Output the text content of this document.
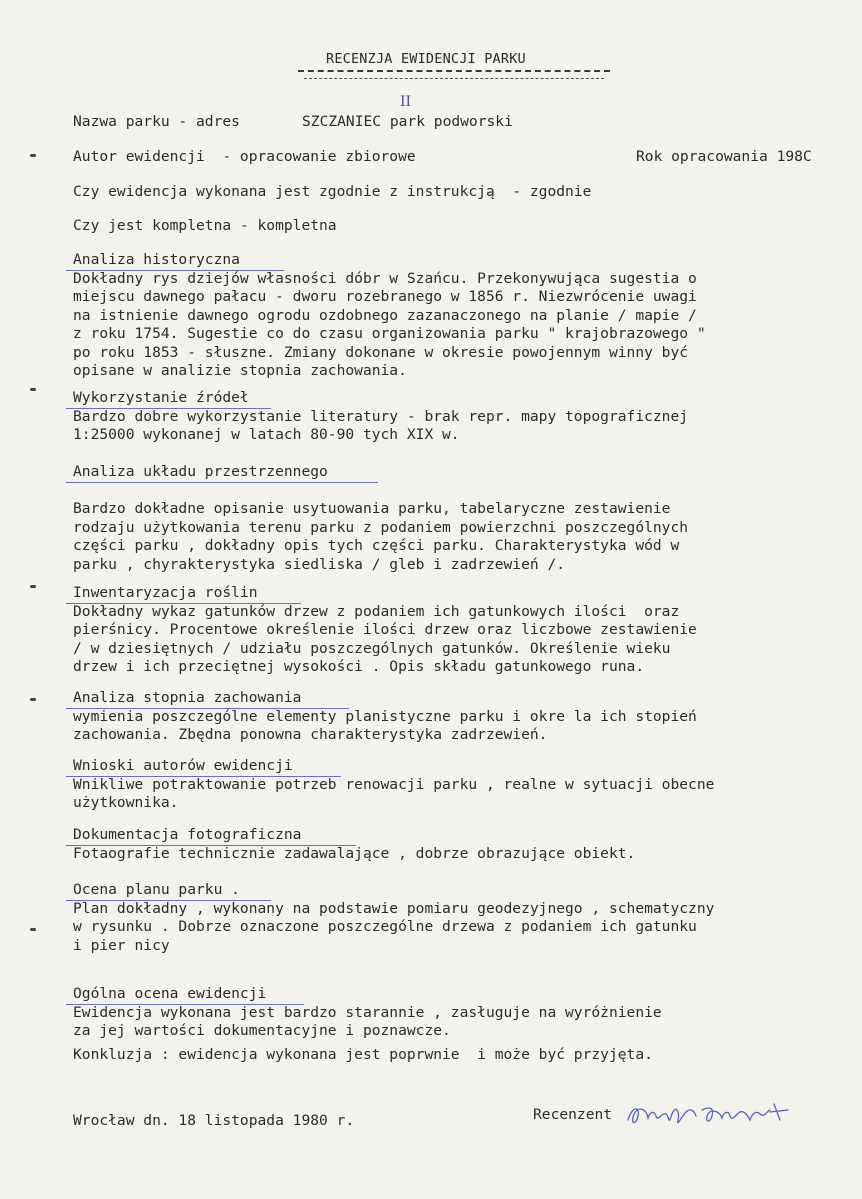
RECENZJA EWIDENCJI PARKU
II
Nazwa parku - adres	SZCZANIEC park podworski
Autor ewidencji  - opracowanie zbiorowe	Rok opracowania 198C
Czy ewidencja wykonana jest zgodnie z instrukcją  - zgodnie
Czy jest kompletna - kompletna
Analiza historyczna
Dokładny rys dziejów własności dóbr w Szańcu. Przekonywująca sugestia o
miejscu dawnego pałacu - dworu rozebranego w 1856 r. Niezwrócenie uwagi
na istnienie dawnego ogrodu ozdobnego zazanaczonego na planie / mapie /
z roku 1754. Sugestie co do czasu organizowania parku " krajobrazowego "
po roku 1853 - słuszne. Zmiany dokonane w okresie powojennym winny być
opisane w analizie stopnia zachowania.
Wykorzystanie źródeł
Bardzo dobre wykorzystanie literatury - brak repr. mapy topograficznej
1:25000 wykonanej w latach 80-90 tych XIX w.
Analiza układu przestrzennego
Bardzo dokładne opisanie usytuowania parku, tabelaryczne zestawienie
rodzaju użytkowania terenu parku z podaniem powierzchni poszczególnych
części parku , dokładny opis tych części parku. Charakterystyka wód w
parku , chyrakterystyka siedliska / gleb i zadrzewień /.
Inwentaryzacja roślin
Dokładny wykaz gatunków drzew z podaniem ich gatunkowych ilości  oraz
pierśnicy. Procentowe określenie ilości drzew oraz liczbowe zestawienie
/ w dziesiętnych / udziału poszczególnych gatunków. Określenie wieku
drzew i ich przeciętnej wysokości . Opis składu gatunkowego runa.
Analiza stopnia zachowania
wymienia poszczególne elementy planistyczne parku i okre la ich stopień
zachowania. Zbędna ponowna charakterystyka zadrzewień.
Wnioski autorów ewidencji
Wnikliwe potraktowanie potrzeb renowacji parku , realne w sytuacji obecne
użytkownika.
Dokumentacja fotograficzna
Fotaografie technicznie zadawalające , dobrze obrazujące obiekt.
Ocena planu parku .
Plan dokładny , wykonany na podstawie pomiaru geodezyjnego , schematyczny
w rysunku . Dobrze oznaczone poszczególne drzewa z podaniem ich gatunku
i pier nicy
Ogólna ocena ewidencji
Ewidencja wykonana jest bardzo starannie , zasługuje na wyróżnienie
za jej wartości dokumentacyjne i poznawcze.
Konkluzja : ewidencja wykonana jest poprwnie  i może być przyjęta.
Wrocław dn. 18 listopada 1980 r.	Recenzent
